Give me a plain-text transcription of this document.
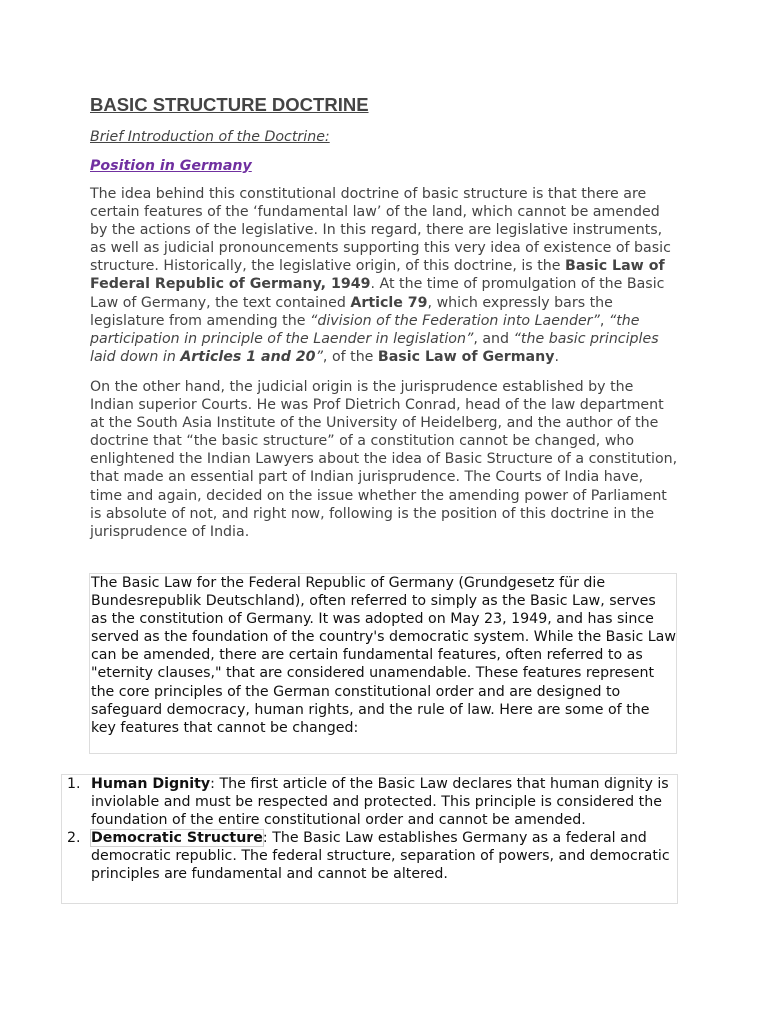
BASIC STRUCTURE DOCTRINE
Brief Introduction of the Doctrine:
Position in Germany

The idea behind this constitutional doctrine of basic structure is that there are certain features of the ‘fundamental law’ of the land, which cannot be amended by the actions of the legislative. In this regard, there are legislative instruments, as well as judicial pronouncements supporting this very idea of existence of basic structure. Historically, the legislative origin, of this doctrine, is the Basic Law of Federal Republic of Germany, 1949. At the time of promulgation of the Basic Law of Germany, the text contained Article 79, which expressly bars the legislature from amending the “division of the Federation into Laender”, “the participation in principle of the Laender in legislation”, and “the basic principles laid down in Articles 1 and 20”, of the Basic Law of Germany.

On the other hand, the judicial origin is the jurisprudence established by the Indian superior Courts. He was Prof Dietrich Conrad, head of the law department at the South Asia Institute of the University of Heidelberg, and the author of the doctrine that “the basic structure” of a constitution cannot be changed, who enlightened the Indian Lawyers about the idea of Basic Structure of a constitution, that made an essential part of Indian jurisprudence. The Courts of India have, time and again, decided on the issue whether the amending power of Parliament is absolute of not, and right now, following is the position of this doctrine in the jurisprudence of India.

The Basic Law for the Federal Republic of Germany (Grundgesetz für die Bundesrepublik Deutschland), often referred to simply as the Basic Law, serves as the constitution of Germany. It was adopted on May 23, 1949, and has since served as the foundation of the country's democratic system. While the Basic Law can be amended, there are certain fundamental features, often referred to as "eternity clauses," that are considered unamendable. These features represent the core principles of the German constitutional order and are designed to safeguard democracy, human rights, and the rule of law. Here are some of the key features that cannot be changed:

1. Human Dignity: The first article of the Basic Law declares that human dignity is inviolable and must be respected and protected. This principle is considered the foundation of the entire constitutional order and cannot be amended.
2. Democratic Structure: The Basic Law establishes Germany as a federal and democratic republic. The federal structure, separation of powers, and democratic principles are fundamental and cannot be altered.
